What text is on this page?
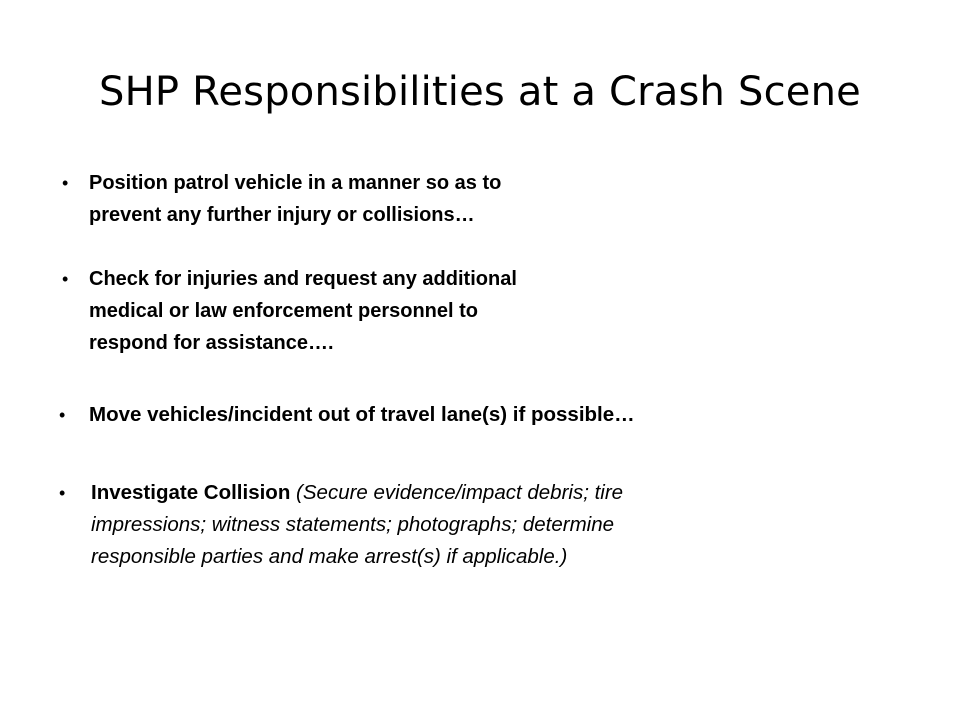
SHP Responsibilities at a Crash Scene
• Position patrol vehicle in a manner so as to
prevent any further injury or collisions…
• Check for injuries and request any additional
medical or law enforcement personnel to
respond for assistance….
• Move vehicles/incident out of travel lane(s) if possible…
• Investigate Collision (Secure evidence/impact debris; tire
impressions; witness statements; photographs; determine
responsible parties and make arrest(s) if applicable.)
